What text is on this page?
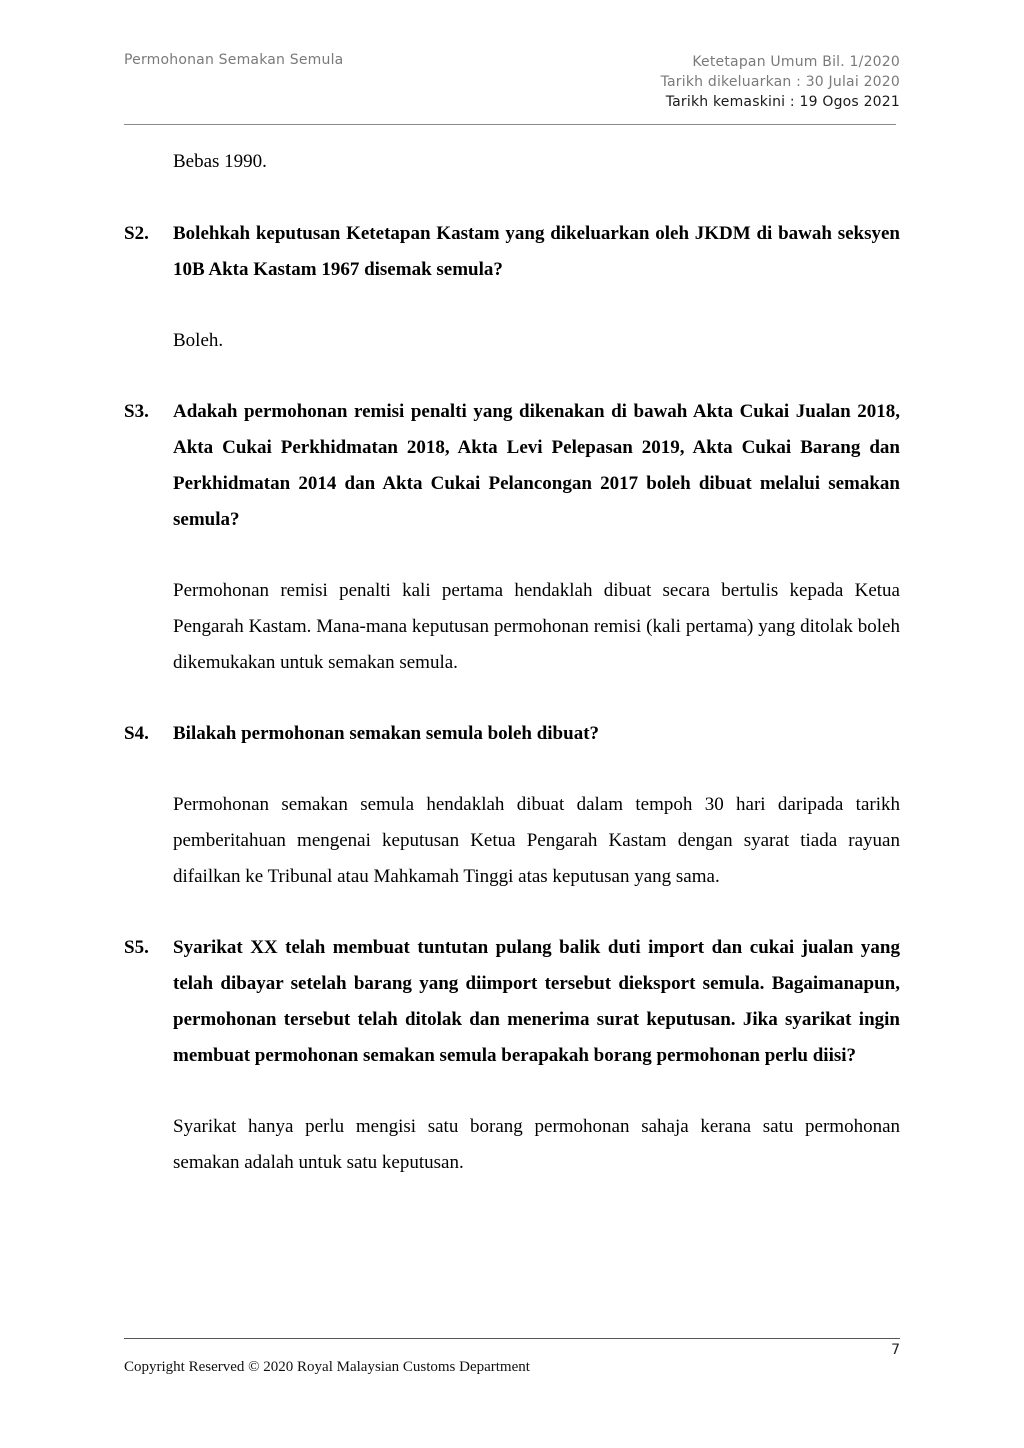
Permohonan Semakan Semula	Ketetapan Umum Bil. 1/2020
Tarikh dikeluarkan : 30 Julai 2020
Tarikh kemaskini : 19 Ogos 2021
Bebas 1990.
S2.	Bolehkah keputusan Ketetapan Kastam yang dikeluarkan oleh JKDM di bawah seksyen 10B Akta Kastam 1967 disemak semula?
Boleh.
S3.	Adakah permohonan remisi penalti yang dikenakan di bawah Akta Cukai Jualan 2018, Akta Cukai Perkhidmatan 2018, Akta Levi Pelepasan 2019, Akta Cukai Barang dan Perkhidmatan 2014 dan Akta Cukai Pelancongan 2017 boleh dibuat melalui semakan semula?
Permohonan remisi penalti kali pertama hendaklah dibuat secara bertulis kepada Ketua Pengarah Kastam. Mana-mana keputusan permohonan remisi (kali pertama) yang ditolak boleh dikemukakan untuk semakan semula.
S4.	Bilakah permohonan semakan semula boleh dibuat?
Permohonan semakan semula hendaklah dibuat dalam tempoh 30 hari daripada tarikh pemberitahuan mengenai keputusan Ketua Pengarah Kastam dengan syarat tiada rayuan difailkan ke Tribunal atau Mahkamah Tinggi atas keputusan yang sama.
S5.	Syarikat XX telah membuat tuntutan pulang balik duti import dan cukai jualan yang telah dibayar setelah barang yang diimport tersebut dieksport semula. Bagaimanapun, permohonan tersebut telah ditolak dan menerima surat keputusan. Jika syarikat ingin membuat permohonan semakan semula berapakah borang permohonan perlu diisi?
Syarikat hanya perlu mengisi satu borang permohonan sahaja kerana satu permohonan semakan adalah untuk satu keputusan.
7
Copyright Reserved © 2020 Royal Malaysian Customs Department
